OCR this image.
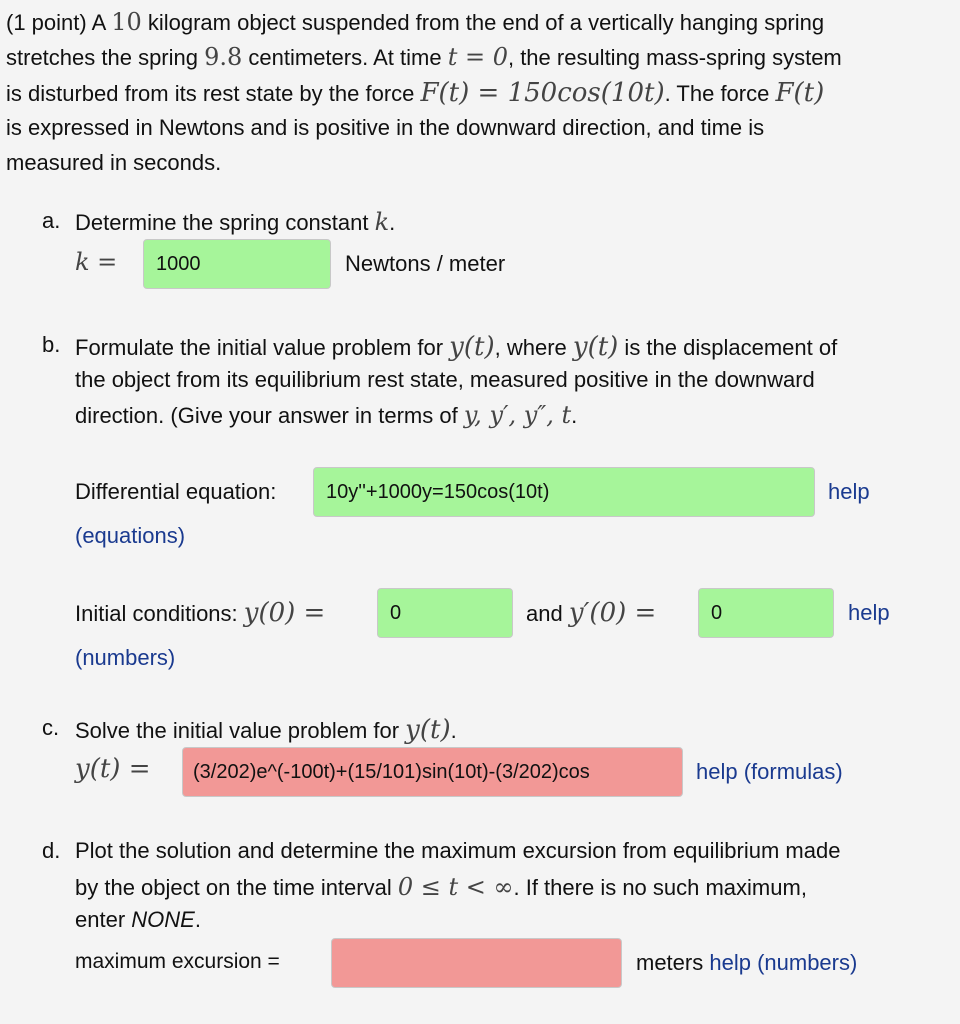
(1 point) A 10 kilogram object suspended from the end of a vertically hanging spring
stretches the spring 9.8 centimeters. At time t = 0, the resulting mass-spring system
is disturbed from its rest state by the force F(t) = 150cos(10t). The force F(t)
is expressed in Newtons and is positive in the downward direction, and time is
measured in seconds.
a. Determine the spring constant k.
k =	1000	Newtons / meter
b. Formulate the initial value problem for y(t), where y(t) is the displacement of
the object from its equilibrium rest state, measured positive in the downward
direction. (Give your answer in terms of y, y′, y″, t.
Differential equation:	10y''+1000y=150cos(10t)	help
(equations)
Initial conditions: y(0) =	0	and y′(0) =	0	help
(numbers)
c. Solve the initial value problem for y(t).
y(t) =	(3/202)e^(-100t)+(15/101)sin(10t)-(3/202)cos	help (formulas)
d. Plot the solution and determine the maximum excursion from equilibrium made
by the object on the time interval 0 ≤ t < ∞. If there is no such maximum,
enter NONE.
maximum excursion =	meters help (numbers)
